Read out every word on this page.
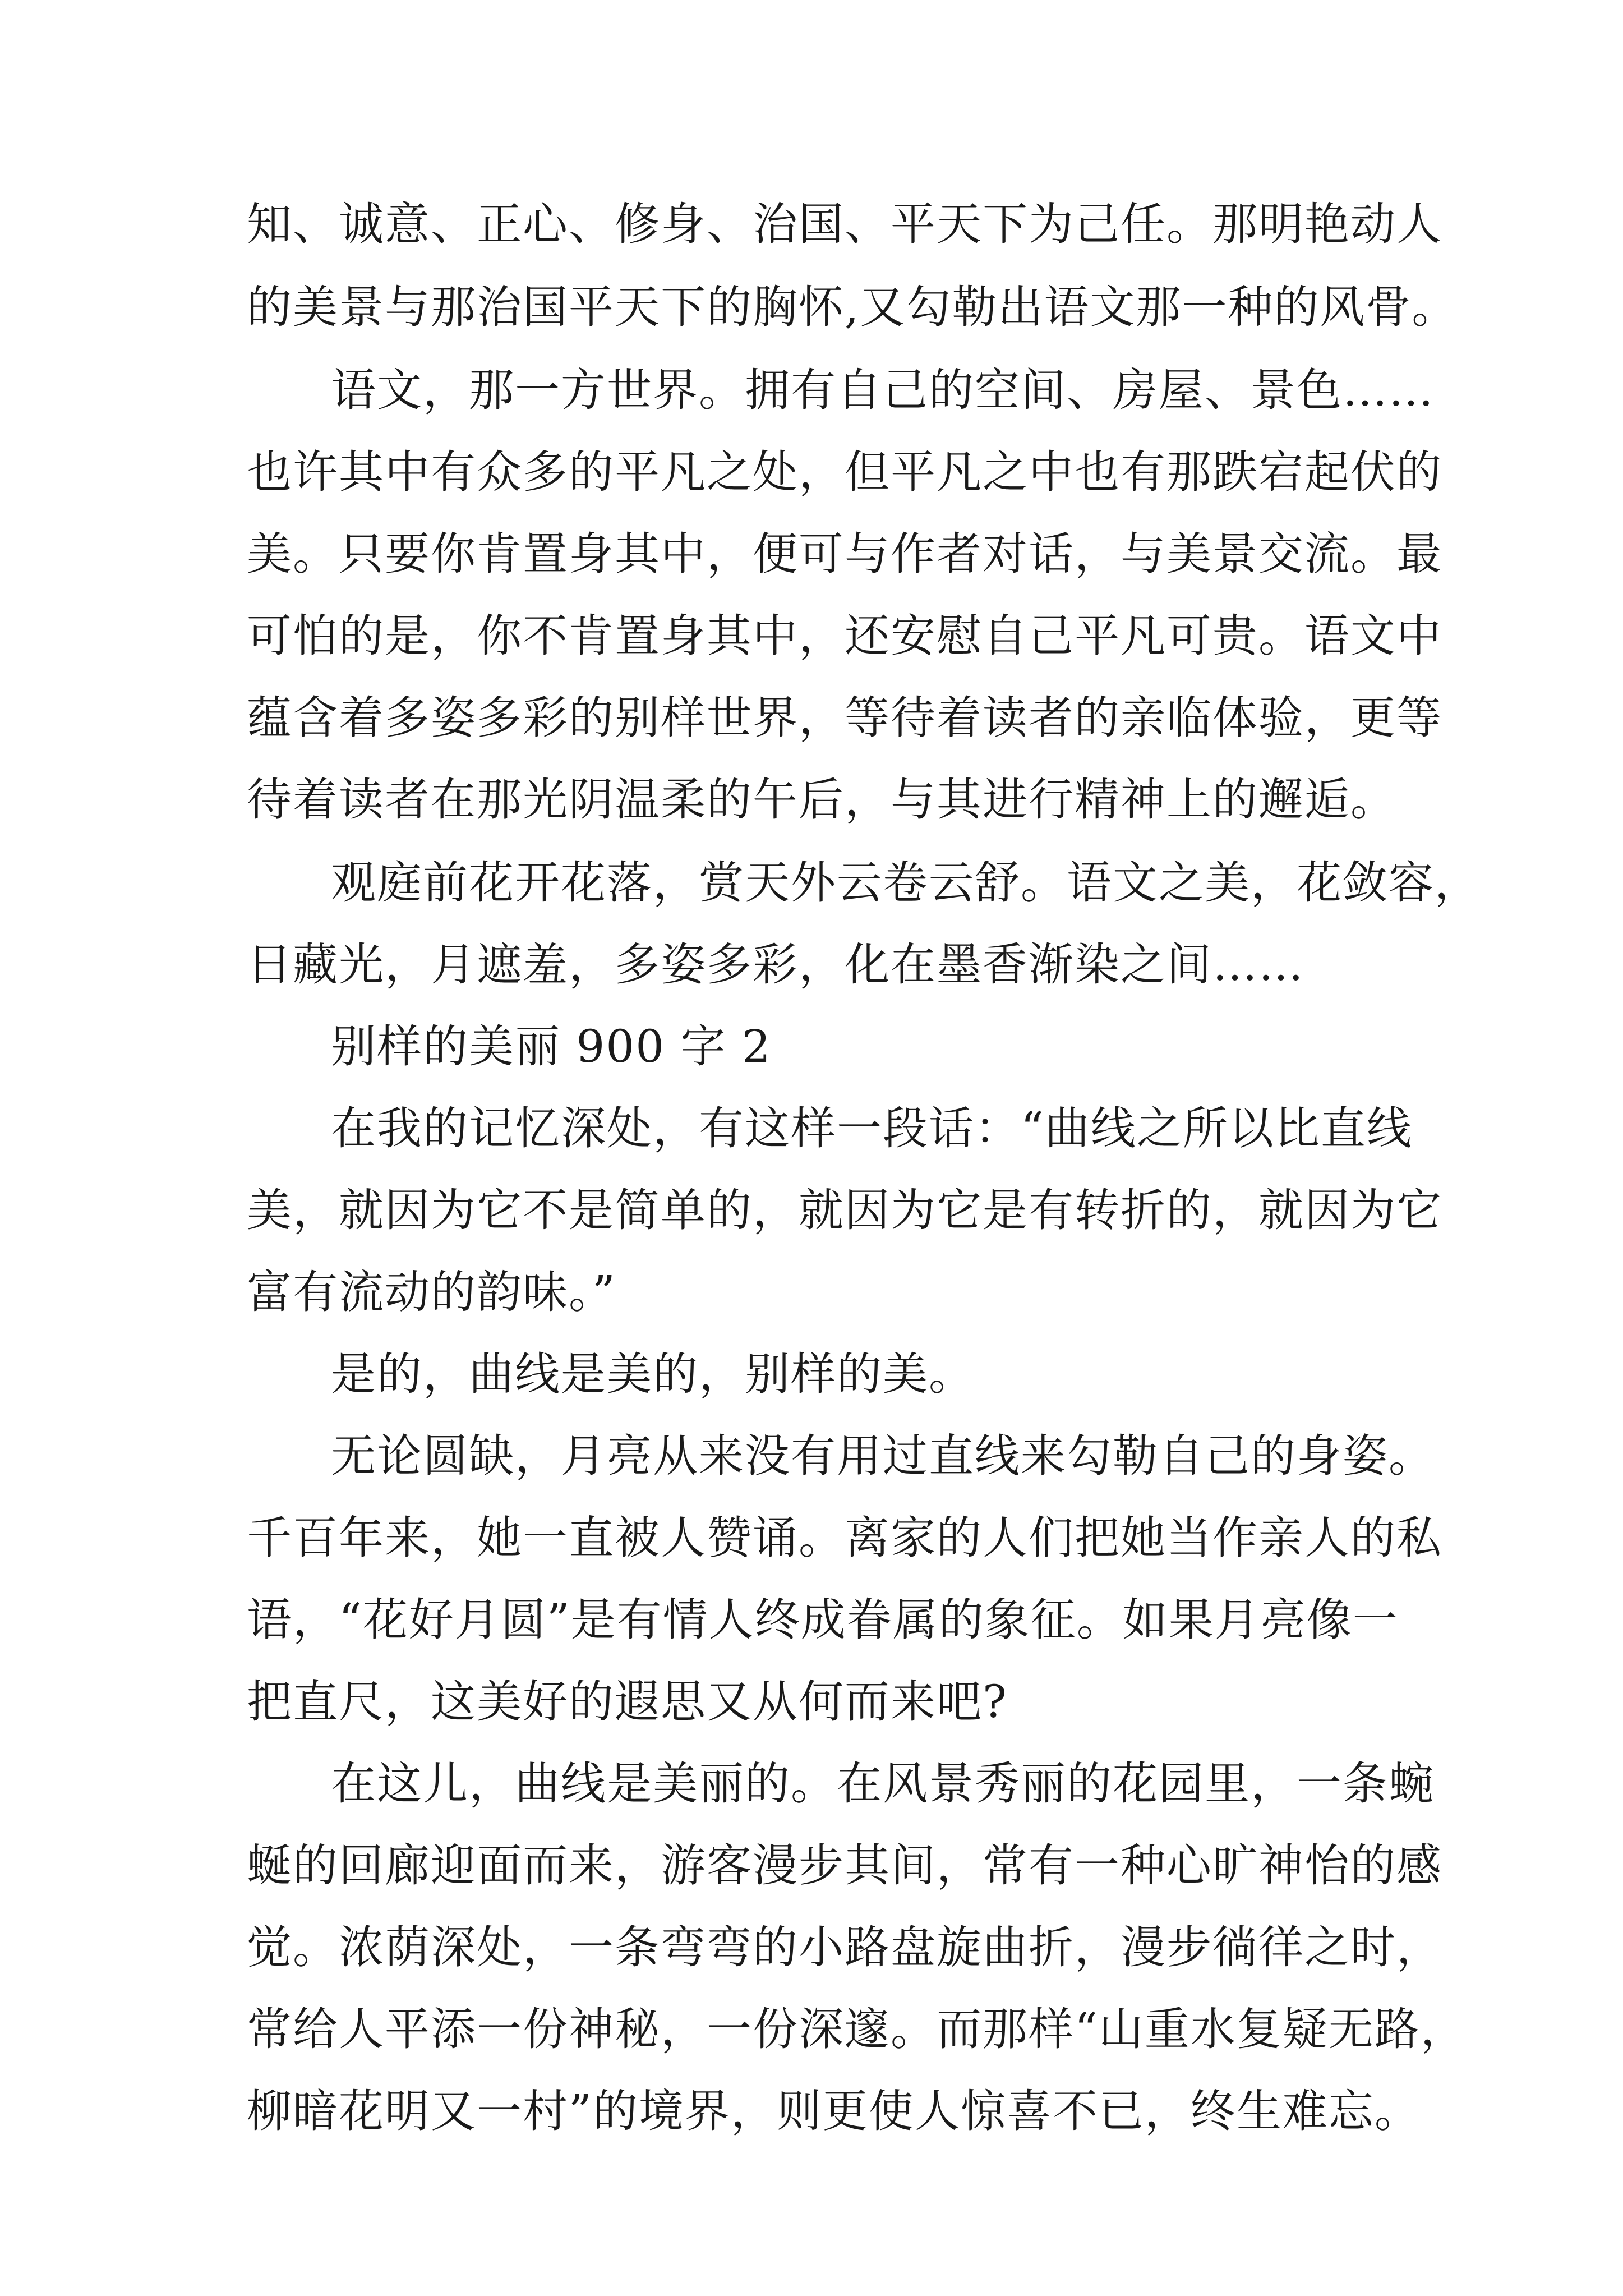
知、诚意、正心、修身、治国、平天下为己任。那明艳动人
的美景与那治国平天下的胸怀,又勾勒出语文那一种的风骨。
语文，那一方世界。拥有自己的空间、房屋、景色……
也许其中有众多的平凡之处，但平凡之中也有那跌宕起伏的
美。只要你肯置身其中，便可与作者对话，与美景交流。最
可怕的是，你不肯置身其中，还安慰自己平凡可贵。语文中
蕴含着多姿多彩的别样世界，等待着读者的亲临体验，更等
待着读者在那光阴温柔的午后，与其进行精神上的邂逅。
观庭前花开花落，赏天外云卷云舒。语文之美，花敛容，
日藏光，月遮羞，多姿多彩，化在墨香渐染之间……
别样的美丽 900 字 2
在我的记忆深处，有这样一段话：“曲线之所以比直线
美，就因为它不是简单的，就因为它是有转折的，就因为它
富有流动的韵味。”
是的，曲线是美的，别样的美。
无论圆缺，月亮从来没有用过直线来勾勒自己的身姿。
千百年来，她一直被人赞诵。离家的人们把她当作亲人的私
语，“花好月圆”是有情人终成眷属的象征。如果月亮像一
把直尺，这美好的遐思又从何而来吧?
在这儿，曲线是美丽的。在风景秀丽的花园里，一条蜿
蜒的回廊迎面而来，游客漫步其间，常有一种心旷神怡的感
觉。浓荫深处，一条弯弯的小路盘旋曲折，漫步徜徉之时，
常给人平添一份神秘，一份深邃。而那样“山重水复疑无路，
柳暗花明又一村”的境界，则更使人惊喜不已，终生难忘。
